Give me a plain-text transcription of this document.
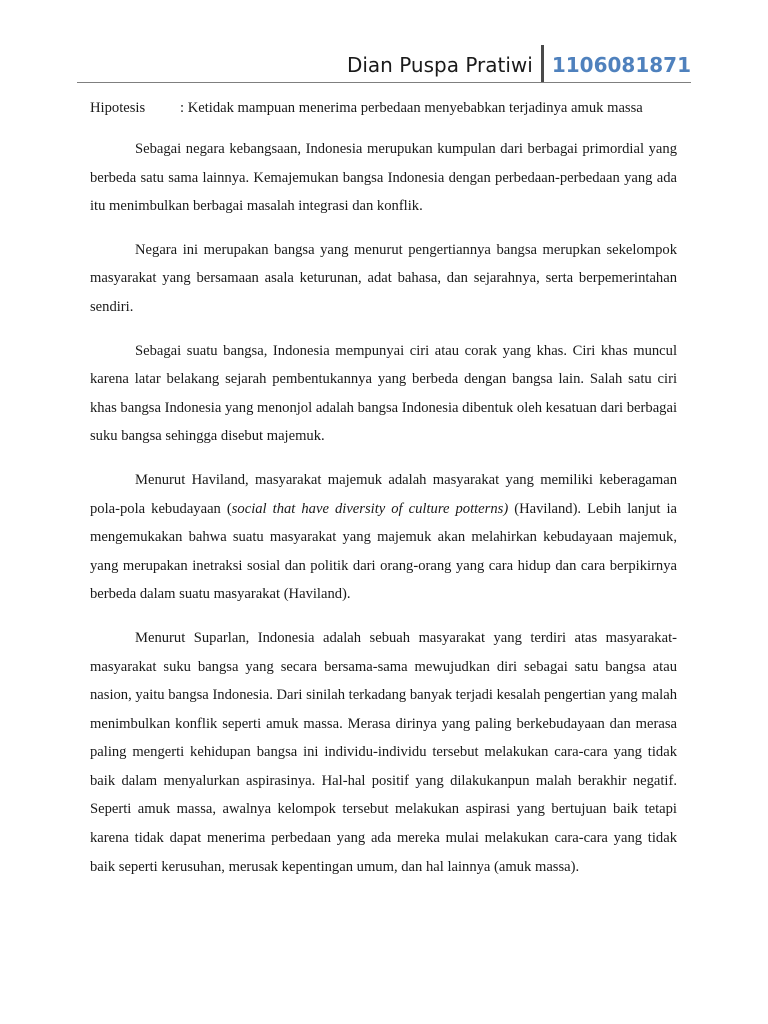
Dian Puspa Pratiwi 1106081871
Hipotesis	: Ketidak mampuan menerima perbedaan menyebabkan terjadinya amuk massa

Sebagai negara kebangsaan, Indonesia merupukan kumpulan dari berbagai primordial yang berbeda satu sama lainnya. Kemajemukan bangsa Indonesia dengan perbedaan-perbedaan yang ada itu menimbulkan berbagai masalah integrasi dan konflik.

Negara ini merupakan bangsa yang menurut pengertiannya bangsa merupkan sekelompok masyarakat yang bersamaan asala keturunan, adat bahasa, dan sejarahnya, serta berpemerintahan sendiri.

Sebagai suatu bangsa, Indonesia mempunyai ciri atau corak yang khas. Ciri khas muncul karena latar belakang sejarah pembentukannya yang berbeda dengan bangsa lain. Salah satu ciri khas bangsa Indonesia yang menonjol adalah bangsa Indonesia dibentuk oleh kesatuan dari berbagai suku bangsa sehingga disebut majemuk.

Menurut Haviland, masyarakat majemuk adalah masyarakat yang memiliki keberagaman pola-pola kebudayaan (social that have diversity of culture potterns) (Haviland). Lebih lanjut ia mengemukakan bahwa suatu masyarakat yang majemuk akan melahirkan kebudayaan majemuk, yang merupakan inetraksi sosial dan politik dari orang-orang yang cara hidup dan cara berpikirnya berbeda dalam suatu masyarakat (Haviland).

Menurut Suparlan, Indonesia adalah sebuah masyarakat yang terdiri atas masyarakat-masyarakat suku bangsa yang secara bersama-sama mewujudkan diri sebagai satu bangsa atau nasion, yaitu bangsa Indonesia. Dari sinilah terkadang banyak terjadi kesalah pengertian yang malah menimbulkan konflik seperti amuk massa. Merasa dirinya yang paling berkebudayaan dan merasa paling mengerti kehidupan bangsa ini individu-individu tersebut melakukan cara-cara yang tidak baik dalam menyalurkan aspirasinya. Hal-hal positif yang dilakukanpun malah berakhir negatif. Seperti amuk massa, awalnya kelompok tersebut melakukan aspirasi yang bertujuan baik tetapi karena tidak dapat menerima perbedaan yang ada mereka mulai melakukan cara-cara yang tidak baik seperti kerusuhan, merusak kepentingan umum, dan hal lainnya (amuk massa).
